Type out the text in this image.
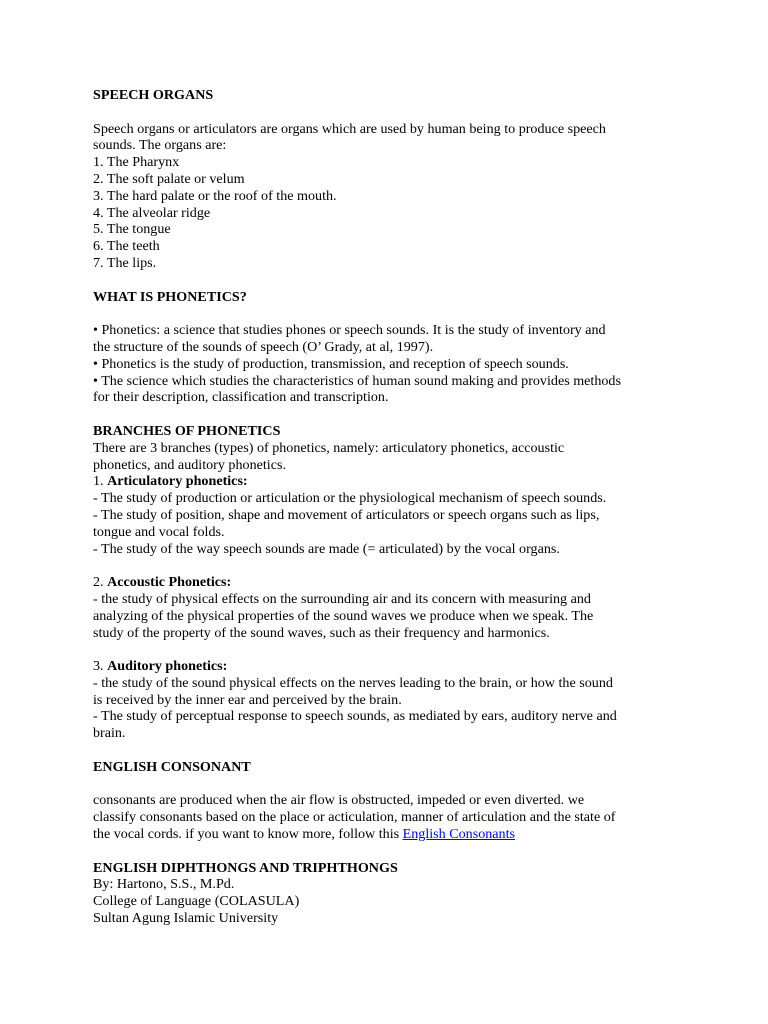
SPEECH ORGANS
Speech organs or articulators are organs which are used by human being to produce speech
sounds. The organs are:
1. The Pharynx
2. The soft palate or velum
3. The hard palate or the roof of the mouth.
4. The alveolar ridge
5. The tongue
6. The teeth
7. The lips.
WHAT IS PHONETICS?
• Phonetics: a science that studies phones or speech sounds. It is the study of inventory and
the structure of the sounds of speech (O’ Grady, at al, 1997).
• Phonetics is the study of production, transmission, and reception of speech sounds.
• The science which studies the characteristics of human sound making and provides methods
for their description, classification and transcription.
BRANCHES OF PHONETICS
There are 3 branches (types) of phonetics, namely: articulatory phonetics, accoustic
phonetics, and auditory phonetics.
1. Articulatory phonetics:
- The study of production or articulation or the physiological mechanism of speech sounds.
- The study of position, shape and movement of articulators or speech organs such as lips,
tongue and vocal folds.
- The study of the way speech sounds are made (= articulated) by the vocal organs.
2. Accoustic Phonetics:
- the study of physical effects on the surrounding air and its concern with measuring and
analyzing of the physical properties of the sound waves we produce when we speak. The
study of the property of the sound waves, such as their frequency and harmonics.
3. Auditory phonetics:
- the study of the sound physical effects on the nerves leading to the brain, or how the sound
is received by the inner ear and perceived by the brain.
- The study of perceptual response to speech sounds, as mediated by ears, auditory nerve and
brain.
ENGLISH CONSONANT
consonants are produced when the air flow is obstructed, impeded or even diverted. we
classify consonants based on the place or acticulation, manner of articulation and the state of
the vocal cords. if you want to know more, follow this English Consonants
ENGLISH DIPHTHONGS AND TRIPHTHONGS
By: Hartono, S.S., M.Pd.
College of Language (COLASULA)
Sultan Agung Islamic University
